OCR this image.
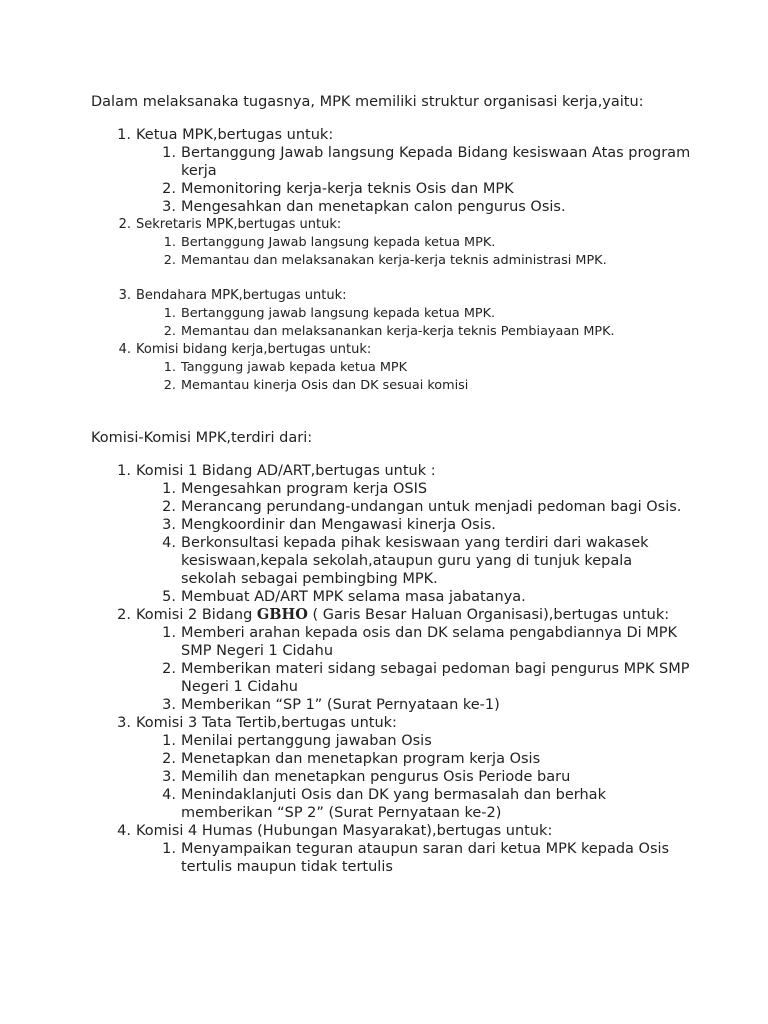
Dalam melaksanaka tugasnya, MPK memiliki struktur organisasi kerja,yaitu:

1. Ketua MPK,bertugas untuk:
1. Bertanggung Jawab langsung Kepada Bidang kesiswaan Atas program kerja
2. Memonitoring kerja-kerja teknis Osis dan MPK
3. Mengesahkan dan menetapkan calon pengurus Osis.
2. Sekretaris MPK,bertugas untuk:
1. Bertanggung Jawab langsung kepada ketua MPK.
2. Memantau dan melaksanakan kerja-kerja teknis administrasi MPK.
3. Bendahara MPK,bertugas untuk:
1. Bertanggung jawab langsung kepada ketua MPK.
2. Memantau dan melaksanankan kerja-kerja teknis Pembiayaan MPK.
4. Komisi bidang kerja,bertugas untuk:
1. Tanggung jawab kepada ketua MPK
2. Memantau kinerja Osis dan DK sesuai komisi

Komisi-Komisi MPK,terdiri dari:

1. Komisi 1 Bidang AD/ART,bertugas untuk :
1. Mengesahkan program kerja OSIS
2. Merancang perundang-undangan untuk menjadi pedoman bagi Osis.
3. Mengkoordinir dan Mengawasi kinerja Osis.
4. Berkonsultasi kepada pihak kesiswaan yang terdiri dari wakasek kesiswaan,kepala sekolah,ataupun guru yang di tunjuk kepala sekolah sebagai pembingbing MPK.
5. Membuat AD/ART MPK selama masa jabatanya.
2. Komisi 2 Bidang GBHO ( Garis Besar Haluan Organisasi),bertugas untuk:
1. Memberi arahan kepada osis dan DK selama pengabdiannya Di MPK SMP Negeri 1 Cidahu
2. Memberikan materi sidang sebagai pedoman bagi pengurus MPK SMP Negeri 1 Cidahu
3. Memberikan “SP 1” (Surat Pernyataan ke-1)
3. Komisi 3 Tata Tertib,bertugas untuk:
1. Menilai pertanggung jawaban Osis
2. Menetapkan dan menetapkan program kerja Osis
3. Memilih dan menetapkan pengurus Osis Periode baru
4. Menindaklanjuti Osis dan DK yang bermasalah dan berhak memberikan “SP 2” (Surat Pernyataan ke-2)
4. Komisi 4 Humas (Hubungan Masyarakat),bertugas untuk:
1. Menyampaikan teguran ataupun saran dari ketua MPK kepada Osis tertulis maupun tidak tertulis
